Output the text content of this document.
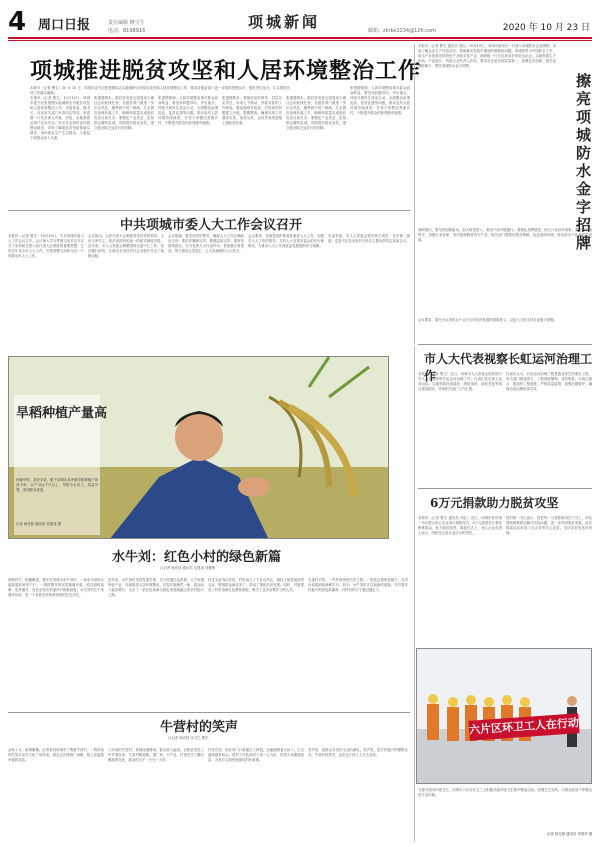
4 周口日报	责任编辑 穆宝生
电话：8198916	项城新闻	邮箱：zkrbs1234@126.com	2020 年 10 月 23 日
项城推进脱贫攻坚和人居环境整治工作
本报讯（记者 曹生）10 月 15 日，项城市委书记张建儒同志实地调研全市脱贫攻坚和人居环境整治工作，要求各级各部门进一步提高思想认识，强化责任担当，扎实推进各项工作落实落地。
本报讯（记者 曹生）10月15日，项城市委书记张建儒实地调研全市脱贫攻坚和人居环境整治工作，市委常委、秘书长、市直有关部门负责同志陪同。张建儒一行先后深入乡镇、村组，实地察看贫困户住房安全、饮水安全和村容村貌整治情况，详细了解脱贫攻坚政策落实情况，询问群众生产生活情况，与基层干部群众深入交流。
张建儒指出，脱贫攻坚是全面建成小康社会的底线任务，各级各部门要进一步压实责任，聚焦两不愁三保障，扎实做好查缺补漏工作，确保高质量完成脱贫攻坚目标任务。要强化产业扶贫，拓宽群众增收渠道，巩固提升脱贫成效，建立健全防止返贫长效机制。
张建儒强调，人居环境整治事关群众切身利益，要坚持问题导向，突出重点，持续开展村庄清洁行动，全面整治乱堆乱放、乱搭乱建等问题，推动农村人居环境持续改善，打造干净整洁美丽乡村，不断提升群众的获得感幸福感。
张建儒要求，要强化组织领导，层层压实责任，形成上下联动、齐抓共管的工作格局。要加强督导检查，对发现的问题建立台账，限期整改，确保各项工作落到实处、取得实效，以优异成绩迎接上级检查验收。
张建儒指出，脱贫攻坚是全面建成小康社会的底线任务，各级各部门要进一步压实责任，聚焦两不愁三保障，扎实做好查缺补漏工作，确保高质量完成脱贫攻坚目标任务。要强化产业扶贫，拓宽群众增收渠道，巩固提升脱贫成效，建立健全防止返贫长效机制。
张建儒强调，人居环境整治事关群众切身利益，要坚持问题导向，突出重点，持续开展村庄清洁行动，全面整治乱堆乱放、乱搭乱建等问题，推动农村人居环境持续改善，打造干净整洁美丽乡村，不断提升群众的获得感幸福感。
本报讯（记者 曹生 通讯员 刘红）10月19日，项城市副市长一行深入项城防水企业调研，详细了解企业生产经营状况，帮助解决发展中遇到的困难和问题。项城被誉为中国防水之乡，防水产业是我市的特色产业和支柱产业。调研组一行先后来到多家防水企业，实地察看生产车间、产品展厅，听取企业负责人介绍，要求各企业坚持质量第一，加强技术创新，提升品牌影响力，擦亮项城防水金字招牌。
擦亮项城防水金字招牌
调研指出，要坚持创新驱动，加大研发投入，推动产品升级换代；要强化品牌建设，树立行业标杆形象；要规范市场秩序，加强行业自律，坚决抵制假冒伪劣产品；相关部门要做好服务保障，优化营商环境，推动防水产业高质量发展。
会议要求，要充分认识防水产业对全市经济发展的重要意义，以更大力度支持企业做大做强。
中共项城市委人大工作会议召开
本报讯（记者 曹生）10月16日，中共项城市委人大工作会议召开。会议深入学习贯彻习近平总书记关于坚持和完善人民代表大会制度的重要思想，总结近年来全市人大工作，安排部署当前和今后一个时期全市人大工作。
会议指出，人民代表大会制度是坚持党的领导、人民当家作主、依法治国有机统一的根本制度安排。近年来，市人大常委会紧紧围绕市委中心工作，依法履行职责，在推动全市经济社会发展中作出了积极贡献。
会议强调，要坚持党的领导，确保人大工作正确政治方向；要依法履职尽责，增强监督实效；要密切联系群众，充分发挥人大代表作用；要加强自身建设，努力建设让党放心、让人民满意的人大机关。
会议要求，各级党组织要高度重视人大工作，加强对人大工作的领导，支持人大及其常委会依法行使职权，为推动人大工作高质量发展提供有力保障。
市委常委、市人大常委会领导班子成员，各乡镇（街道）党委书记及市直有关单位主要负责同志参加会议。
旱稻种植产量高
种植旱稻，喜获丰收，眼下项城市高寺镇旱稻种植户喜获丰收，亩产可达千斤以上，旱稻节水省工，效益可观，受到群众欢迎。
记者 杨光林 通讯员 吴建成 摄
水牛刘：红色小村的绿色新篇
口记者 杨光林 通讯员 吴建成 郑俊保
深秋时节，稻穗飘香，漫步在项城市水牛刘村，一条条平坦的水泥路通向家家户户，一排排整齐的民居错落有致，路边绿树成荫、花草盛开，处处呈现出美丽乡村的新画卷。水牛刘村位于项城市东部，是一个有着光荣革命传统的红色村庄。
近年来，水牛刘村坚持党建引领，充分挖掘红色资源，大力发展特色产业，持续推进人居环境整治，村容村貌焕然一新，群众收入稳步增长，走出了一条红色传承与绿色发展相融合的乡村振兴之路。
村党支部书记介绍，村里成立了专业合作社，流转土地发展高效农业，吸纳群众就近务工，带动了集体经济发展。同时，村里建设了村史馆和红色教育基地，吸引了众多参观学习的人员。
走进村史馆，一件件珍贵的历史文物、一张张泛黄的老照片，无声诉说着那段峥嵘岁月。如今，水牛刘村正以崭新的面貌，书写着乡村振兴的绿色新篇章，村民们的日子越过越红火。
牛营村的笑声
口记者 杨光林 实习生 曹杰
金秋十月，硕果累累。记者来到项城市丁集镇牛营村，一阵阵欢快的笑声从村文化广场传来，群众正在排练广场舞，脸上洋溢着幸福的笑容。
几年前的牛营村，基础设施薄弱，群众收入偏低。自脱贫攻坚工作开展以来，牛营村修道路、建广场、兴产业，村里发生了翻天覆地的变化，群众的日子一天比一天好。
村民们说，现在家门口就能打工挣钱，还能照顾老人孩子，生活越来越有盼头。驻村工作队和村干部一心为民，带领大家增收致富，大家打心眼里感谢党的好政策。
笑声里，是群众对美好生活的满足；笑声里，是乡村振兴的铿锵足音。牛营村的笑声，正在这片热土上久久回荡。
市人大代表视察长虹运河治理工作
本报讯（记者 曹生）近日，项城市人大常委会组织部分市人大代表视察长虹运河治理工作。代表们先后深入运河沿线，实地察看河道清淤、堤防加固、绿化美化等项目建设情况，听取相关部门工作汇报。
代表们认为，长虹运河治理工程是惠及民生的重点工程，有关部门措施得力，工程进展顺利，成效明显。代表们建议，要加快工程进度，严格质量监管，加强后期管护，确保运河治理取得实效。
6万元捐款助力脱贫攻坚
本报讯（记者 曹生 通讯员 刘红）近日，项城市驻村第一书记联合爱心企业举行捐款仪式，6万元善款用于帮扶困难群众，助力脱贫攻坚。捐款仪式上，爱心企业负责人表示，回报社会是企业应尽的责任。
驻村第一书记表示，将把每一分善款都用在刀刃上，切实帮助困难群众解决实际问题，进一步巩固脱贫成果。此次捐款活动彰显了社会各界关心扶贫、支持扶贫的良好风尚。
六片区环卫工人在行动
为提升城市环境卫生，项城市六片区环卫工人积极开展环境卫生集中整治活动，清理卫生死角，为群众营造干净整洁的生活环境。
记者 杨光林 通讯员 李春华 摄
